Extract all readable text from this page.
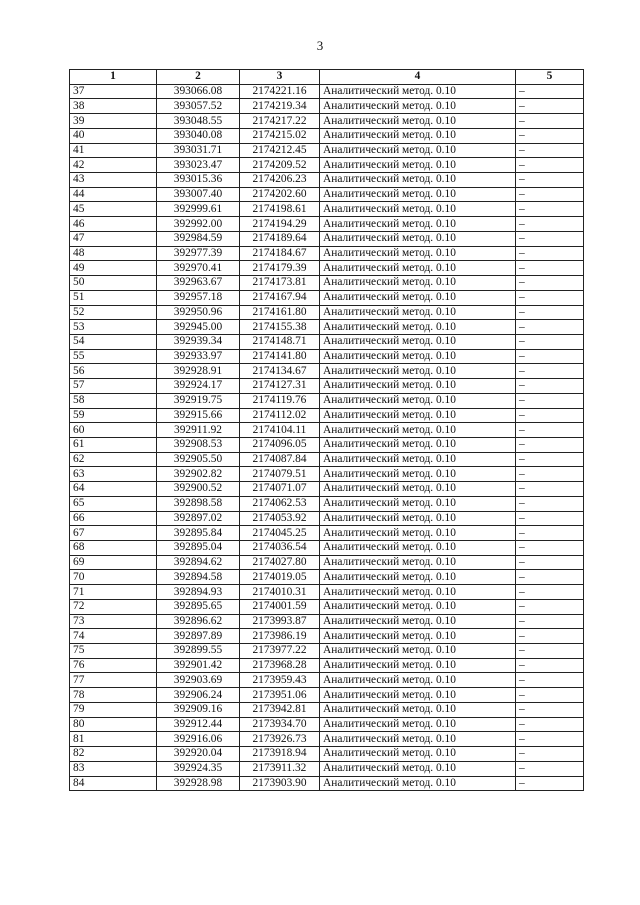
3
1	2	3	4	5
37	393066.08	2174221.16	Аналитический метод. 0.10	–
38	393057.52	2174219.34	Аналитический метод. 0.10	–
39	393048.55	2174217.22	Аналитический метод. 0.10	–
40	393040.08	2174215.02	Аналитический метод. 0.10	–
41	393031.71	2174212.45	Аналитический метод. 0.10	–
42	393023.47	2174209.52	Аналитический метод. 0.10	–
43	393015.36	2174206.23	Аналитический метод. 0.10	–
44	393007.40	2174202.60	Аналитический метод. 0.10	–
45	392999.61	2174198.61	Аналитический метод. 0.10	–
46	392992.00	2174194.29	Аналитический метод. 0.10	–
47	392984.59	2174189.64	Аналитический метод. 0.10	–
48	392977.39	2174184.67	Аналитический метод. 0.10	–
49	392970.41	2174179.39	Аналитический метод. 0.10	–
50	392963.67	2174173.81	Аналитический метод. 0.10	–
51	392957.18	2174167.94	Аналитический метод. 0.10	–
52	392950.96	2174161.80	Аналитический метод. 0.10	–
53	392945.00	2174155.38	Аналитический метод. 0.10	–
54	392939.34	2174148.71	Аналитический метод. 0.10	–
55	392933.97	2174141.80	Аналитический метод. 0.10	–
56	392928.91	2174134.67	Аналитический метод. 0.10	–
57	392924.17	2174127.31	Аналитический метод. 0.10	–
58	392919.75	2174119.76	Аналитический метод. 0.10	–
59	392915.66	2174112.02	Аналитический метод. 0.10	–
60	392911.92	2174104.11	Аналитический метод. 0.10	–
61	392908.53	2174096.05	Аналитический метод. 0.10	–
62	392905.50	2174087.84	Аналитический метод. 0.10	–
63	392902.82	2174079.51	Аналитический метод. 0.10	–
64	392900.52	2174071.07	Аналитический метод. 0.10	–
65	392898.58	2174062.53	Аналитический метод. 0.10	–
66	392897.02	2174053.92	Аналитический метод. 0.10	–
67	392895.84	2174045.25	Аналитический метод. 0.10	–
68	392895.04	2174036.54	Аналитический метод. 0.10	–
69	392894.62	2174027.80	Аналитический метод. 0.10	–
70	392894.58	2174019.05	Аналитический метод. 0.10	–
71	392894.93	2174010.31	Аналитический метод. 0.10	–
72	392895.65	2174001.59	Аналитический метод. 0.10	–
73	392896.62	2173993.87	Аналитический метод. 0.10	–
74	392897.89	2173986.19	Аналитический метод. 0.10	–
75	392899.55	2173977.22	Аналитический метод. 0.10	–
76	392901.42	2173968.28	Аналитический метод. 0.10	–
77	392903.69	2173959.43	Аналитический метод. 0.10	–
78	392906.24	2173951.06	Аналитический метод. 0.10	–
79	392909.16	2173942.81	Аналитический метод. 0.10	–
80	392912.44	2173934.70	Аналитический метод. 0.10	–
81	392916.06	2173926.73	Аналитический метод. 0.10	–
82	392920.04	2173918.94	Аналитический метод. 0.10	–
83	392924.35	2173911.32	Аналитический метод. 0.10	–
84	392928.98	2173903.90	Аналитический метод. 0.10	–
